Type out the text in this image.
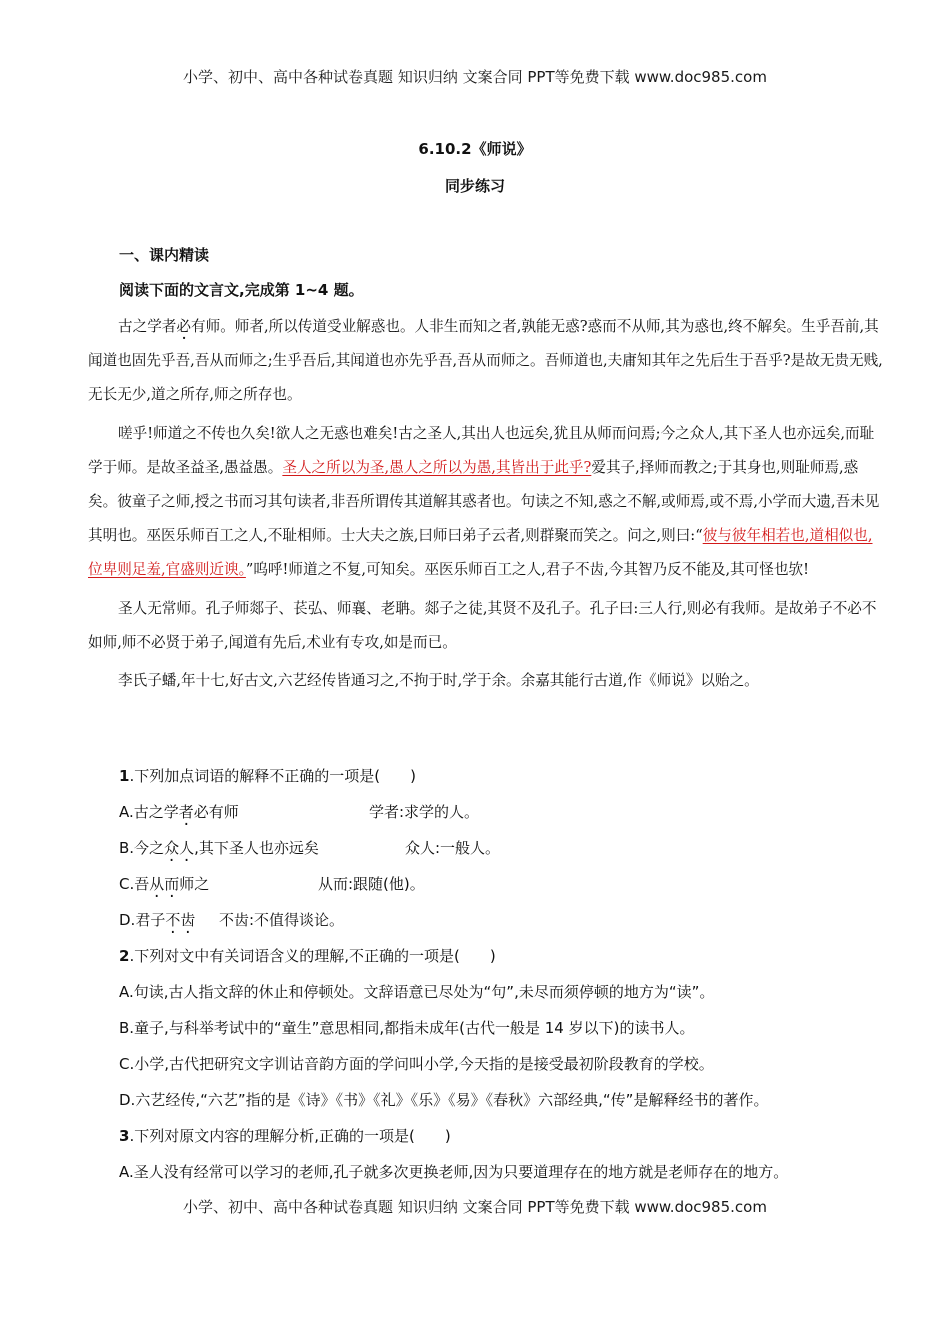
小学、初中、高中各种试卷真题 知识归纳 文案合同 PPT等免费下载 www.doc985.com
6.10.2《师说》
同步练习
一、课内精读
阅读下面的文言文,完成第 1~4 题。

古之学者必有师。师者,所以传道受业解惑也。人非生而知之者,孰能无惑?惑而不从师,其为惑也,终不解矣。生乎吾前,其闻道也固先乎吾,吾从而师之;生乎吾后,其闻道也亦先乎吾,吾从而师之。吾师道也,夫庸知其年之先后生于吾乎?是故无贵无贱,无长无少,道之所存,师之所存也。

嗟乎!师道之不传也久矣!欲人之无惑也难矣!古之圣人,其出人也远矣,犹且从师而问焉;今之众人,其下圣人也亦远矣,而耻学于师。是故圣益圣,愚益愚。圣人之所以为圣,愚人之所以为愚,其皆出于此乎?爱其子,择师而教之;于其身也,则耻师焉,惑矣。彼童子之师,授之书而习其句读者,非吾所谓传其道解其惑者也。句读之不知,惑之不解,或师焉,或不焉,小学而大遗,吾未见其明也。巫医乐师百工之人,不耻相师。士大夫之族,曰师曰弟子云者,则群聚而笑之。问之,则曰:“彼与彼年相若也,道相似也,位卑则足羞,官盛则近谀。”呜呼!师道之不复,可知矣。巫医乐师百工之人,君子不齿,今其智乃反不能及,其可怪也欤!

圣人无常师。孔子师郯子、苌弘、师襄、老聃。郯子之徒,其贤不及孔子。孔子曰:三人行,则必有我师。是故弟子不必不如师,师不必贤于弟子,闻道有先后,术业有专攻,如是而已。

李氏子蟠,年十七,好古文,六艺经传皆通习之,不拘于时,学于余。余嘉其能行古道,作《师说》以贻之。

1.下列加点词语的解释不正确的一项是( )

A.古之学者必有师	学者:求学的人。

B.今之众人,其下圣人也亦远矣	众人:一般人。

C.吾从而师之	从而:跟随(他)。

D.君子不齿 不齿:不值得谈论。

2.下列对文中有关词语含义的理解,不正确的一项是( )

A.句读,古人指文辞的休止和停顿处。文辞语意已尽处为“句”,未尽而须停顿的地方为“读”。

B.童子,与科举考试中的“童生”意思相同,都指未成年(古代一般是 14 岁以下)的读书人。

C.小学,古代把研究文字训诂音韵方面的学问叫小学,今天指的是接受最初阶段教育的学校。

D.六艺经传,“六艺”指的是《诗》《书》《礼》《乐》《易》《春秋》六部经典,“传”是解释经书的著作。

3.下列对原文内容的理解分析,正确的一项是( )

A.圣人没有经常可以学习的老师,孔子就多次更换老师,因为只要道理存在的地方就是老师存在的地方。

小学、初中、高中各种试卷真题 知识归纳 文案合同 PPT等免费下载 www.doc985.com
